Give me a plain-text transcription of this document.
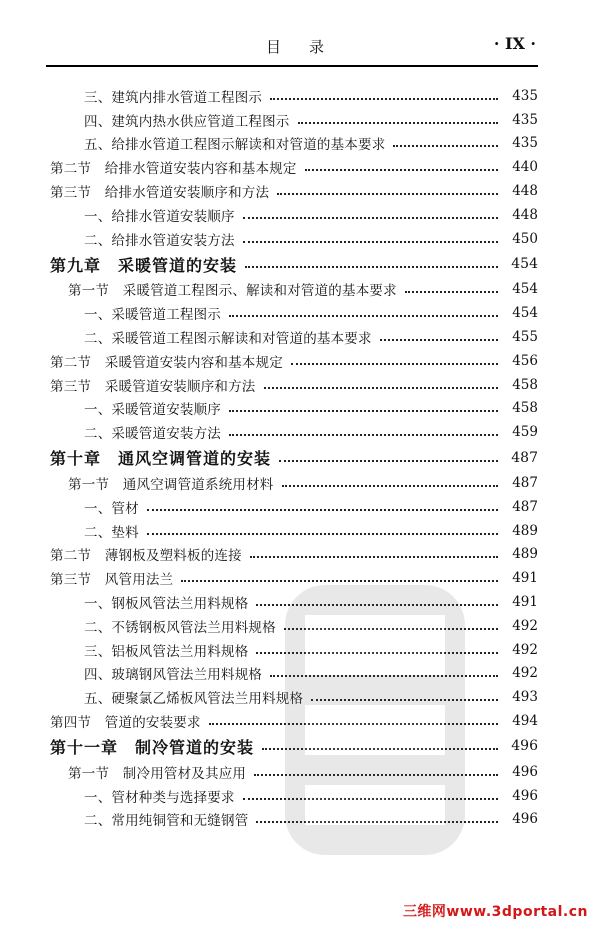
目录	· IX ·
三、建筑内排水管道工程图示	435
四、建筑内热水供应管道工程图示	435
五、给排水管道工程图示解读和对管道的基本要求	435
第二节　给排水管道安装内容和基本规定	440
第三节　给排水管道安装顺序和方法	448
一、给排水管道安装顺序	448
二、给排水管道安装方法	450
第九章　采暖管道的安装	454
第一节　采暖管道工程图示、解读和对管道的基本要求	454
一、采暖管道工程图示	454
二、采暖管道工程图示解读和对管道的基本要求	455
第二节　采暖管道安装内容和基本规定	456
第三节　采暖管道安装顺序和方法	458
一、采暖管道安装顺序	458
二、采暖管道安装方法	459
第十章　通风空调管道的安装	487
第一节　通风空调管道系统用材料	487
一、管材	487
二、垫料	489
第二节　薄钢板及塑料板的连接	489
第三节　风管用法兰	491
一、钢板风管法兰用料规格	491
二、不锈钢板风管法兰用料规格	492
三、铝板风管法兰用料规格	492
四、玻璃钢风管法兰用料规格	492
五、硬聚氯乙烯板风管法兰用料规格	493
第四节　管道的安装要求	494
第十一章　制冷管道的安装	496
第一节　制冷用管材及其应用	496
一、管材种类与选择要求	496
二、常用纯铜管和无缝钢管	496
三维网www.3dportal.cn
